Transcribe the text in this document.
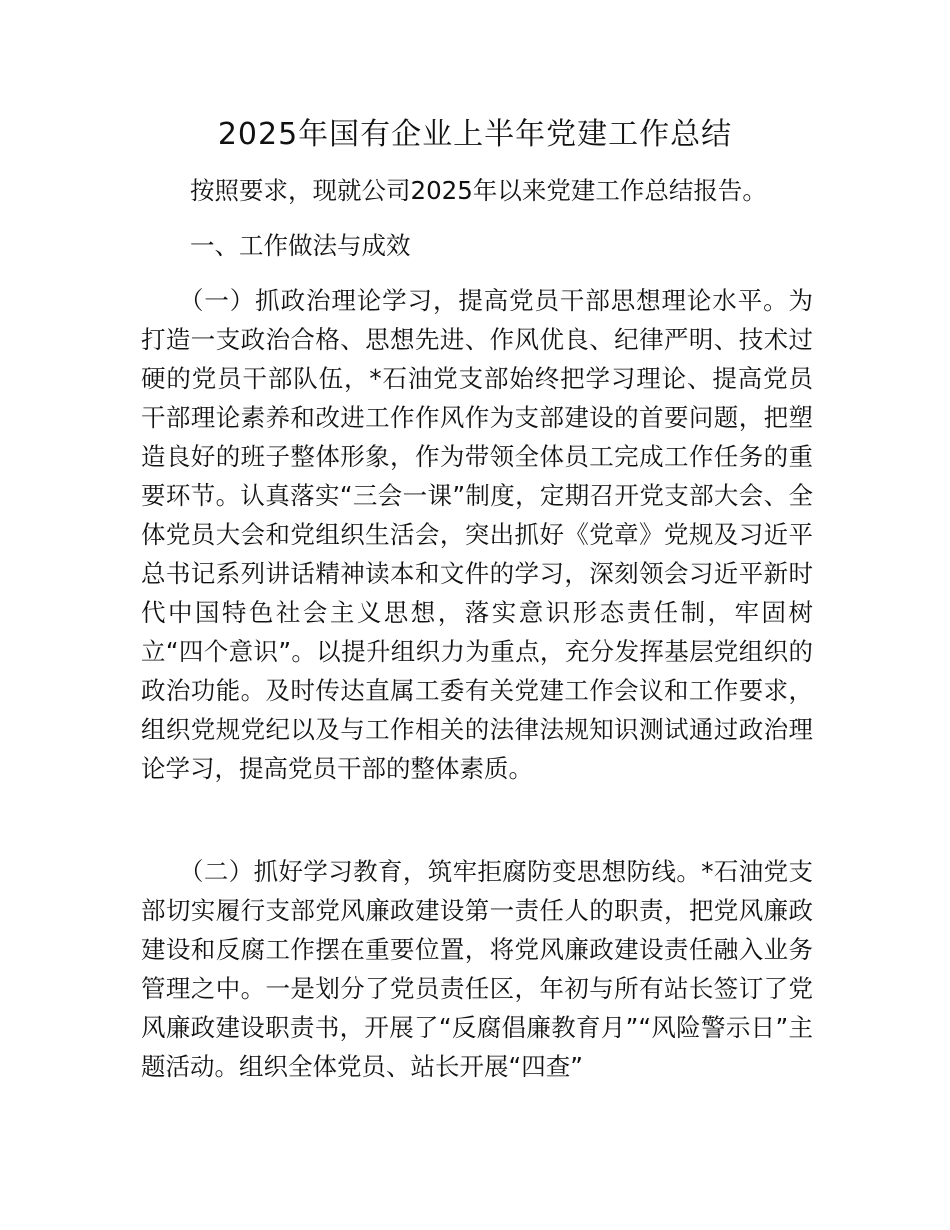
2025年国有企业上半年党建工作总结

按照要求，现就公司2025年以来党建工作总结报告。

一、工作做法与成效

（一）抓政治理论学习，提高党员干部思想理论水平。为打造一支政治合格、思想先进、作风优良、纪律严明、技术过硬的党员干部队伍，*石油党支部始终把学习理论、提高党员干部理论素养和改进工作作风作为支部建设的首要问题，把塑造良好的班子整体形象，作为带领全体员工完成工作任务的重要环节。认真落实“三会一课”制度，定期召开党支部大会、全体党员大会和党组织生活会，突出抓好《党章》党规及习近平总书记系列讲话精神读本和文件的学习，深刻领会习近平新时代中国特色社会主义思想，落实意识形态责任制，牢固树立“四个意识”。以提升组织力为重点，充分发挥基层党组织的政治功能。及时传达直属工委有关党建工作会议和工作要求，组织党规党纪以及与工作相关的法律法规知识测试通过政治理论学习，提高党员干部的整体素质。

（二）抓好学习教育，筑牢拒腐防变思想防线。*石油党支部切实履行支部党风廉政建设第一责任人的职责，把党风廉政建设和反腐工作摆在重要位置，将党风廉政建设责任融入业务管理之中。一是划分了党员责任区，年初与所有站长签订了党风廉政建设职责书，开展了“反腐倡廉教育月”“风险警示日”主题活动。组织全体党员、站长开展“四查”
